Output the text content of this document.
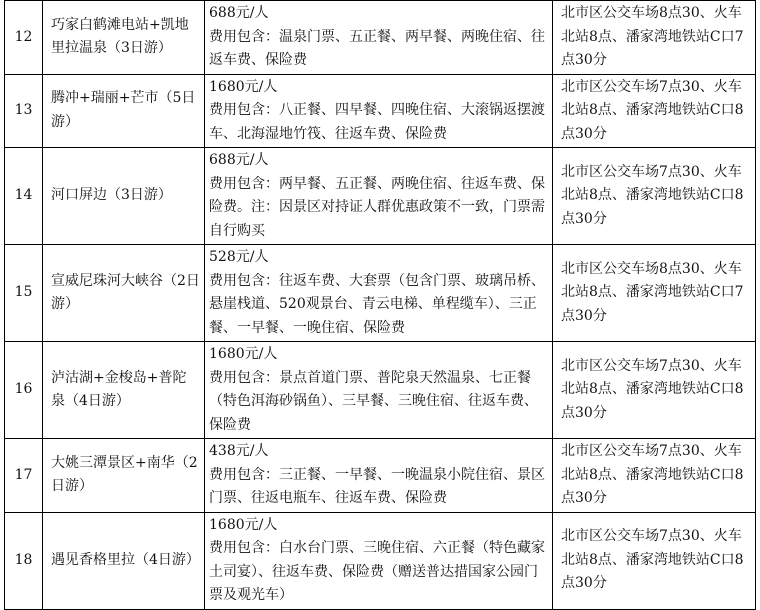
12	巧家白鹤滩电站+凯地里拉温泉（3日游）	688元/人
费用包含：温泉门票、五正餐、两早餐、两晚住宿、往返车费、保险费	北市区公交车场8点30、火车北站8点、潘家湾地铁站C口7点30分
13	腾冲+瑞丽+芒市（5日游）	1680元/人
费用包含：八正餐、四早餐、四晚住宿、大滚锅返摆渡车、北海湿地竹筏、往返车费、保险费	北市区公交车场7点30、火车北站8点、潘家湾地铁站C口8点30分
14	河口屏边（3日游）	688元/人
费用包含：两早餐、五正餐、两晚住宿、往返车费、保险费。注：因景区对持证人群优惠政策不一致，门票需自行购买	北市区公交车场7点30、火车北站8点、潘家湾地铁站C口8点30分
15	宣威尼珠河大峡谷（2日游）	528元/人
费用包含：往返车费、大套票（包含门票、玻璃吊桥、悬崖栈道、520观景台、青云电梯、单程缆车）、三正餐、一早餐、一晚住宿、保险费	北市区公交车场8点30、火车北站8点、潘家湾地铁站C口7点30分
16	泸沽湖+金梭岛+普陀泉（4日游）	1680元/人
费用包含：景点首道门票、普陀泉天然温泉、七正餐（特色洱海砂锅鱼）、三早餐、三晚住宿、往返车费、保险费	北市区公交车场7点30、火车北站8点、潘家湾地铁站C口8点30分
17	大姚三潭景区+南华（2日游）	438元/人
费用包含：三正餐、一早餐、一晚温泉小院住宿、景区门票、往返电瓶车、往返车费、保险费	北市区公交车场7点30、火车北站8点、潘家湾地铁站C口8点30分
18	遇见香格里拉（4日游）	1680元/人
费用包含：白水台门票、三晚住宿、六正餐（特色藏家土司宴）、往返车费、保险费（赠送普达措国家公园门票及观光车）	北市区公交车场7点30、火车北站8点、潘家湾地铁站C口8点30分
